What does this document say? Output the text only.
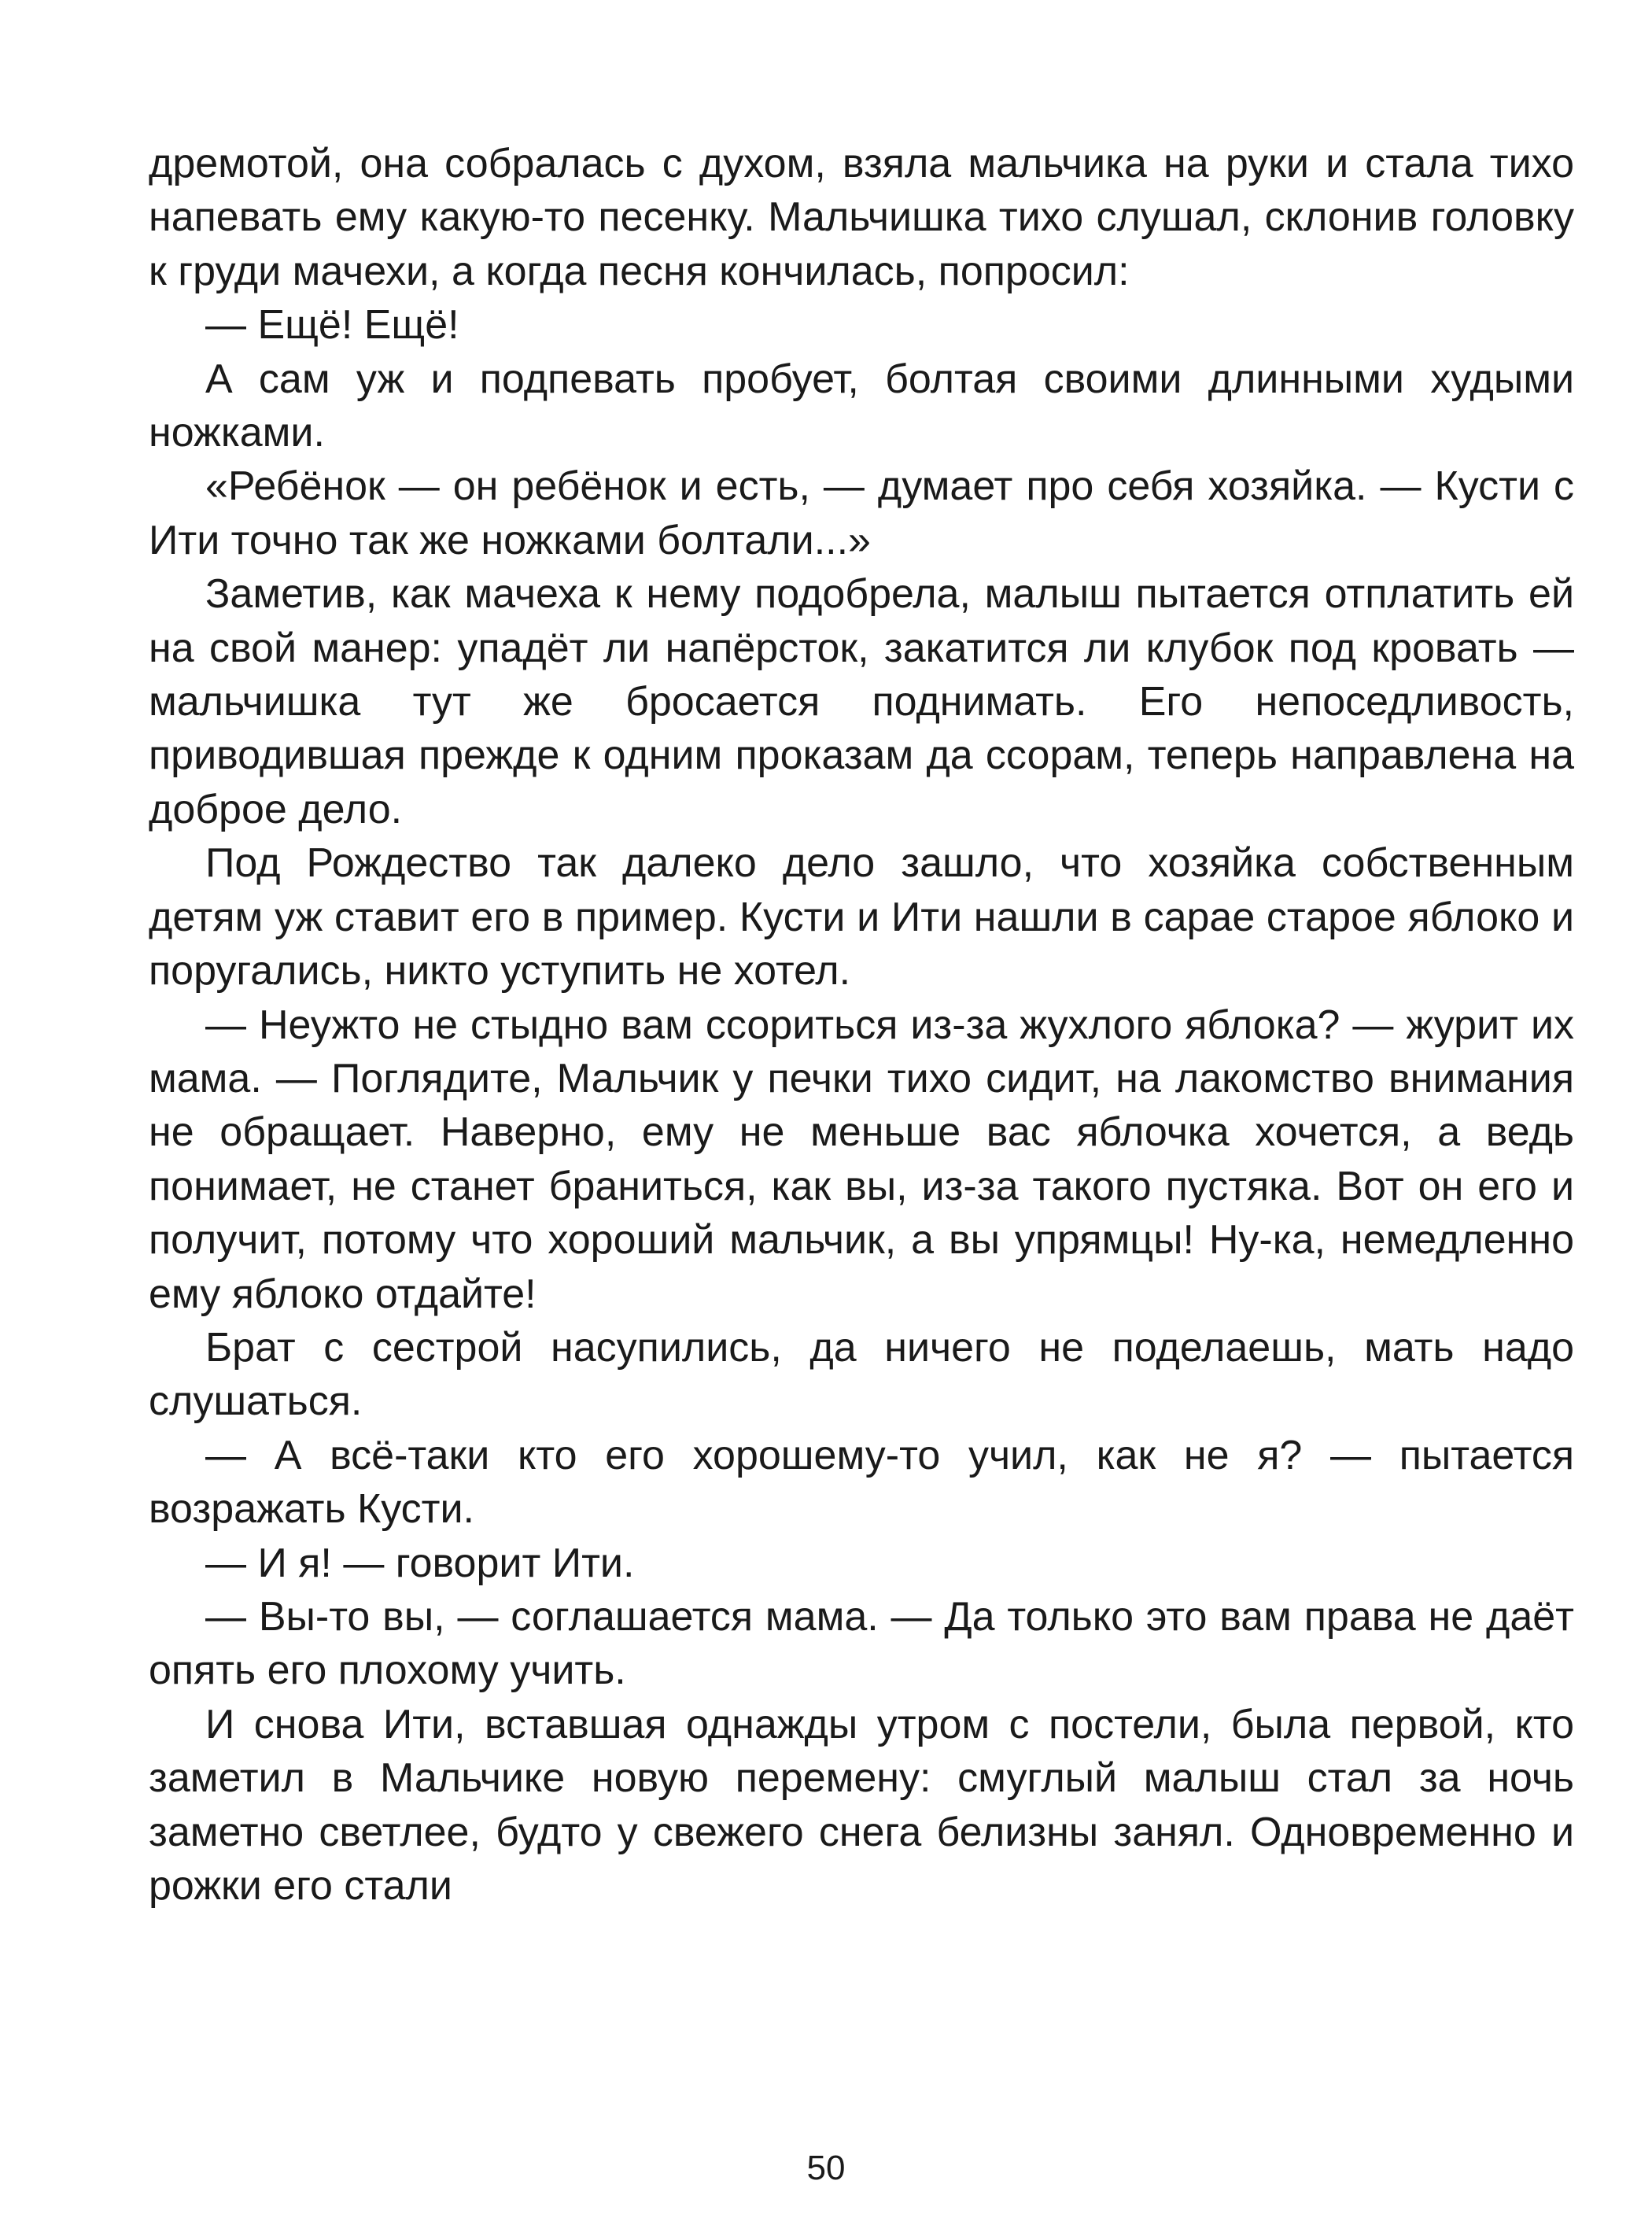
дремотой, она собралась с духом, взяла мальчика на руки и стала тихо напевать ему какую-то песенку. Мальчишка тихо слушал, склонив головку к груди мачехи, а когда песня кончилась, попросил:

— Ещё! Ещё!

А сам уж и подпевать пробует, болтая своими длинными худыми ножками.

«Ребёнок — он ребёнок и есть, — думает про себя хозяйка. — Кусти с Ити точно так же ножками болтали...»

Заметив, как мачеха к нему подобрела, малыш пытается отплатить ей на свой манер: упадёт ли напёрсток, закатится ли клубок под кровать — мальчишка тут же бросается поднимать. Его непоседливость, приводившая прежде к одним проказам да ссорам, теперь направлена на доброе дело.

Под Рождество так далеко дело зашло, что хозяйка собственным детям уж ставит его в пример. Кусти и Ити нашли в сарае старое яблоко и поругались, никто уступить не хотел.

— Неужто не стыдно вам ссориться из-за жухлого яблока? — журит их мама. — Поглядите, Мальчик у печки тихо сидит, на лакомство внимания не обращает. Наверно, ему не меньше вас яблочка хочется, а ведь понимает, не станет браниться, как вы, из-за такого пустяка. Вот он его и получит, потому что хороший мальчик, а вы упрямцы! Ну-ка, немедленно ему яблоко отдайте!

Брат с сестрой насупились, да ничего не поделаешь, мать надо слушаться.

— А всё-таки кто его хорошему-то учил, как не я? — пытается возражать Кусти.

— И я! — говорит Ити.

— Вы-то вы, — соглашается мама. — Да только это вам права не даёт опять его плохому учить.

И снова Ити, вставшая однажды утром с постели, была первой, кто заметил в Мальчике новую перемену: смуглый малыш стал за ночь заметно светлее, будто у свежего снега белизны занял. Одновременно и рожки его стали

50
